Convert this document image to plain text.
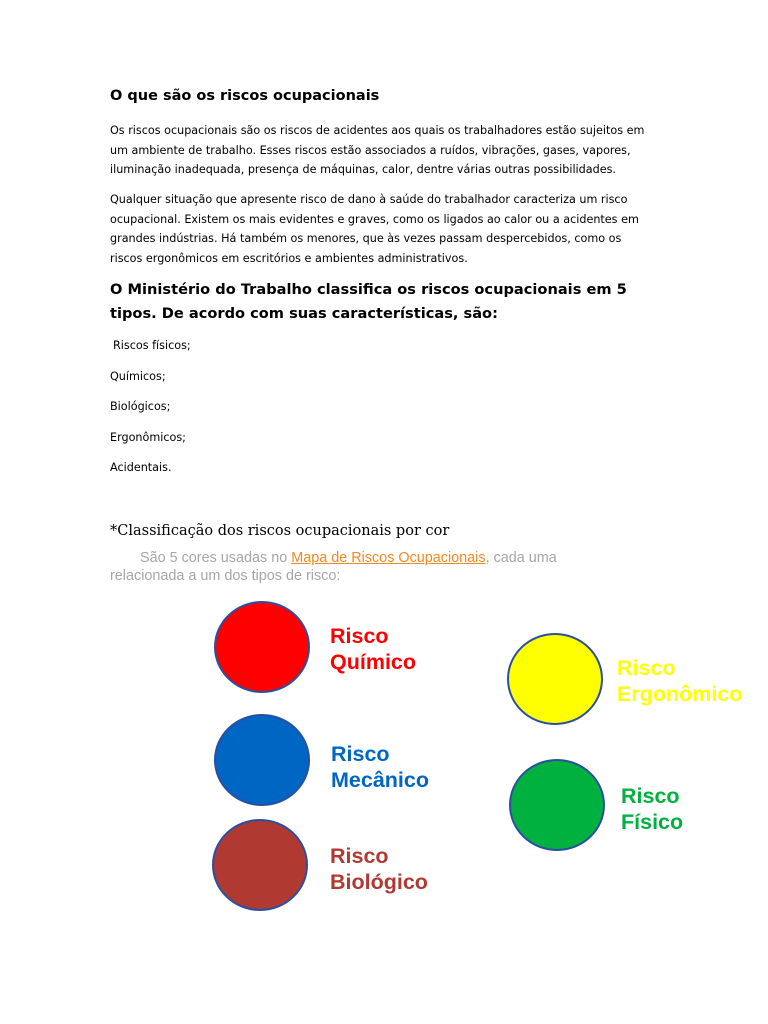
O que são os riscos ocupacionais

Os riscos ocupacionais são os riscos de acidentes aos quais os trabalhadores estão sujeitos em um ambiente de trabalho. Esses riscos estão associados a ruídos, vibrações, gases, vapores, iluminação inadequada, presença de máquinas, calor, dentre várias outras possibilidades.

Qualquer situação que apresente risco de dano à saúde do trabalhador caracteriza um risco ocupacional. Existem os mais evidentes e graves, como os ligados ao calor ou a acidentes em grandes indústrias. Há também os menores, que às vezes passam despercebidos, como os riscos ergonômicos em escritórios e ambientes administrativos.

O Ministério do Trabalho classifica os riscos ocupacionais em 5 tipos. De acordo com suas características, são:
Riscos físicos;
Químicos;
Biológicos;
Ergonômicos;
Acidentais.

*Classificação dos riscos ocupacionais por cor

São 5 cores usadas no Mapa de Riscos Ocupacionais, cada uma relacionada a um dos tipos de risco:

Risco
Químico

Risco
Mecânico

Risco
Biológico

Risco
Ergonômico

Risco
Físico
